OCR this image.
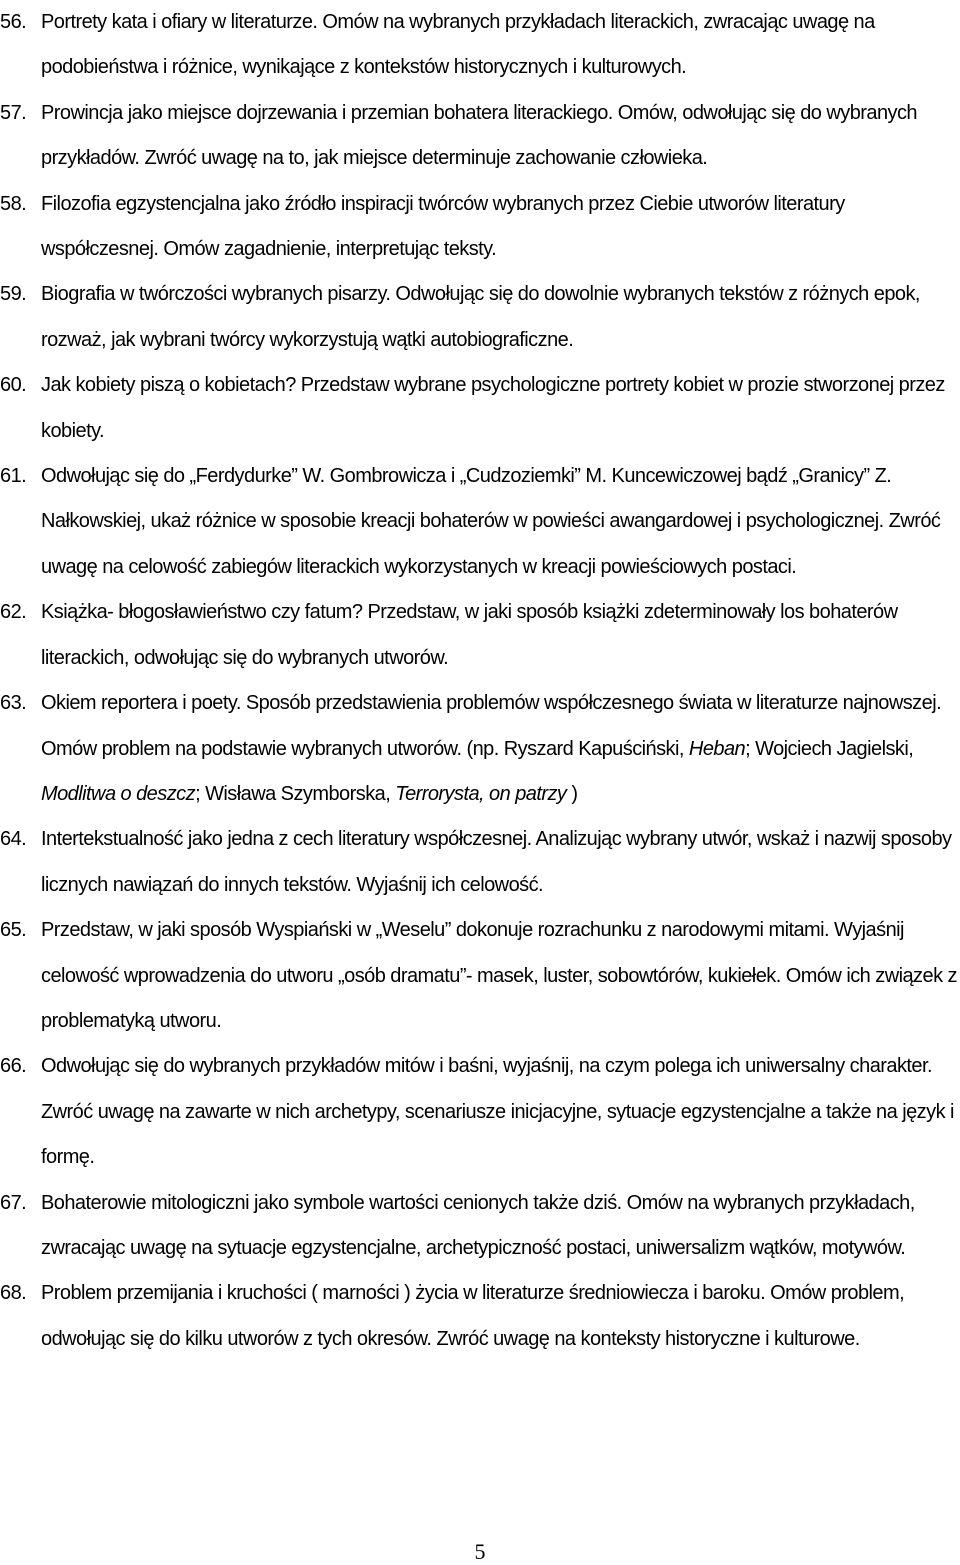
56. Portrety kata i ofiary w literaturze. Omów na wybranych przykładach literackich, zwracając uwagę na podobieństwa i różnice, wynikające z kontekstów historycznych i kulturowych.
57. Prowincja jako miejsce dojrzewania i przemian bohatera literackiego. Omów, odwołując się do wybranych przykładów. Zwróć uwagę na to, jak miejsce determinuje zachowanie człowieka.
58. Filozofia egzystencjalna jako źródło inspiracji twórców wybranych przez Ciebie utworów literatury współczesnej. Omów zagadnienie, interpretując teksty.
59. Biografia w twórczości wybranych pisarzy. Odwołując się do dowolnie wybranych tekstów z różnych epok, rozważ, jak wybrani twórcy wykorzystują wątki autobiograficzne.
60. Jak kobiety piszą o kobietach? Przedstaw wybrane psychologiczne portrety kobiet w prozie stworzonej przez kobiety.
61. Odwołując się do „Ferdydurke” W. Gombrowicza i „Cudzoziemki” M. Kuncewiczowej bądź „Granicy” Z. Nałkowskiej, ukaż różnice w sposobie kreacji bohaterów w powieści awangardowej i psychologicznej. Zwróć uwagę na celowość zabiegów literackich wykorzystanych w kreacji powieściowych postaci.
62. Książka- błogosławieństwo czy fatum? Przedstaw, w jaki sposób książki zdeterminowały los bohaterów literackich, odwołując się do wybranych utworów.
63. Okiem reportera i poety. Sposób przedstawienia problemów współczesnego świata w literaturze najnowszej. Omów problem na podstawie wybranych utworów. (np. Ryszard Kapuściński, Heban; Wojciech Jagielski, Modlitwa o deszcz; Wisława Szymborska, Terrorysta, on patrzy )
64. Intertekstualność jako jedna z cech literatury współczesnej. Analizując wybrany utwór, wskaż i nazwij sposoby licznych nawiązań do innych tekstów. Wyjaśnij ich celowość.
65. Przedstaw, w jaki sposób Wyspiański w „Weselu” dokonuje rozrachunku z narodowymi mitami. Wyjaśnij celowość wprowadzenia do utworu „osób dramatu”- masek, luster, sobowtórów, kukiełek. Omów ich związek z problematyką utworu.
66. Odwołując się do wybranych przykładów mitów i baśni, wyjaśnij, na czym polega ich uniwersalny charakter. Zwróć uwagę na zawarte w nich archetypy, scenariusze inicjacyjne, sytuacje egzystencjalne a także na język i formę.
67. Bohaterowie mitologiczni jako symbole wartości cenionych także dziś. Omów na wybranych przykładach, zwracając uwagę na sytuacje egzystencjalne, archetypiczność postaci, uniwersalizm wątków, motywów.
68. Problem przemijania i kruchości ( marności ) życia w literaturze średniowiecza i baroku. Omów problem, odwołując się do kilku utworów z tych okresów. Zwróć uwagę na konteksty historyczne i kulturowe.
5
